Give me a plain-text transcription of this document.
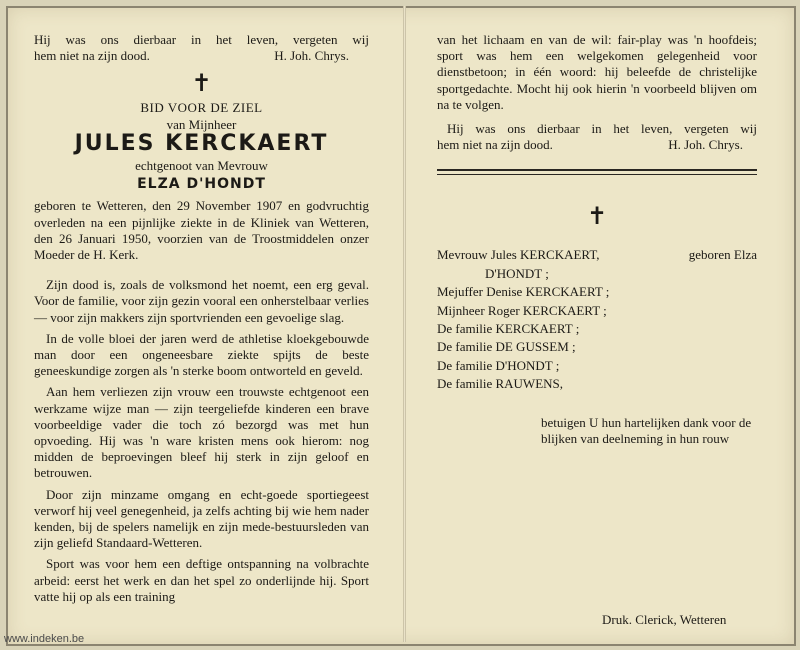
Hij was ons dierbaar in het leven, vergeten wij
hem niet na zijn dood.	H. Joh. Chrys.
✝
BID VOOR DE ZIEL
van Mijnheer
JULES KERCKAERT
echtgenoot van Mevrouw
ELZA D'HONDT
geboren te Wetteren, den 29 November 1907 en godvruchtig overleden na een pijnlijke ziekte in de Kliniek van Wetteren, den 26 Januari 1950, voorzien van de Troostmiddelen onzer Moeder de H. Kerk.
Zijn dood is, zoals de volksmond het noemt, een erg geval. Voor de familie, voor zijn gezin vooral een onherstelbaar verlies — voor zijn makkers zijn sportvrienden een gevoelige slag.
In de volle bloei der jaren werd de athletise kloekgebouwde man door een ongeneesbare ziekte spijts de beste geneeskundige zorgen als 'n sterke boom ontworteld en geveld.
Aan hem verliezen zijn vrouw een trouwste echtgenoot een werkzame wijze man — zijn teergeliefde kinderen een brave voorbeeldige vader die toch zó bezorgd was met hun opvoeding. Hij was 'n ware kristen mens ook hierom: nog midden de beproevingen bleef hij sterk in zijn geloof en betrouwen.
Door zijn minzame omgang en echt-goede sportiegeest verworf hij veel genegenheid, ja zelfs achting bij wie hem nader kenden, bij de spelers namelijk en zijn mede-bestuursleden van zijn geliefd Standaard-Wetteren.
Sport was voor hem een deftige ontspanning na volbrachte arbeid: eerst het werk en dan het spel zo onderlijnde hij. Sport vatte hij op als een training
van het lichaam en van de wil: fair-play was 'n hoofdeis; sport was hem een welgekomen gelegenheid voor dienstbetoon; in één woord: hij beleefde de christelijke sportgedachte. Mocht hij ook hierin 'n voorbeeld blijven om na te volgen.
Hij was ons dierbaar in het leven, vergeten wij
hem niet na zijn dood.	H. Joh. Chrys.
✝
Mevrouw Jules KERCKAERT,	geboren Elza
D'HONDT ;
Mejuffer Denise KERCKAERT ;
Mijnheer Roger KERCKAERT ;
De familie KERCKAERT ;
De familie DE GUSSEM ;
De familie D'HONDT ;
De familie RAUWENS,
betuigen U hun hartelijken dank voor de blijken van deelneming in hun rouw
Druk. Clerick, Wetteren
www.indeken.be
